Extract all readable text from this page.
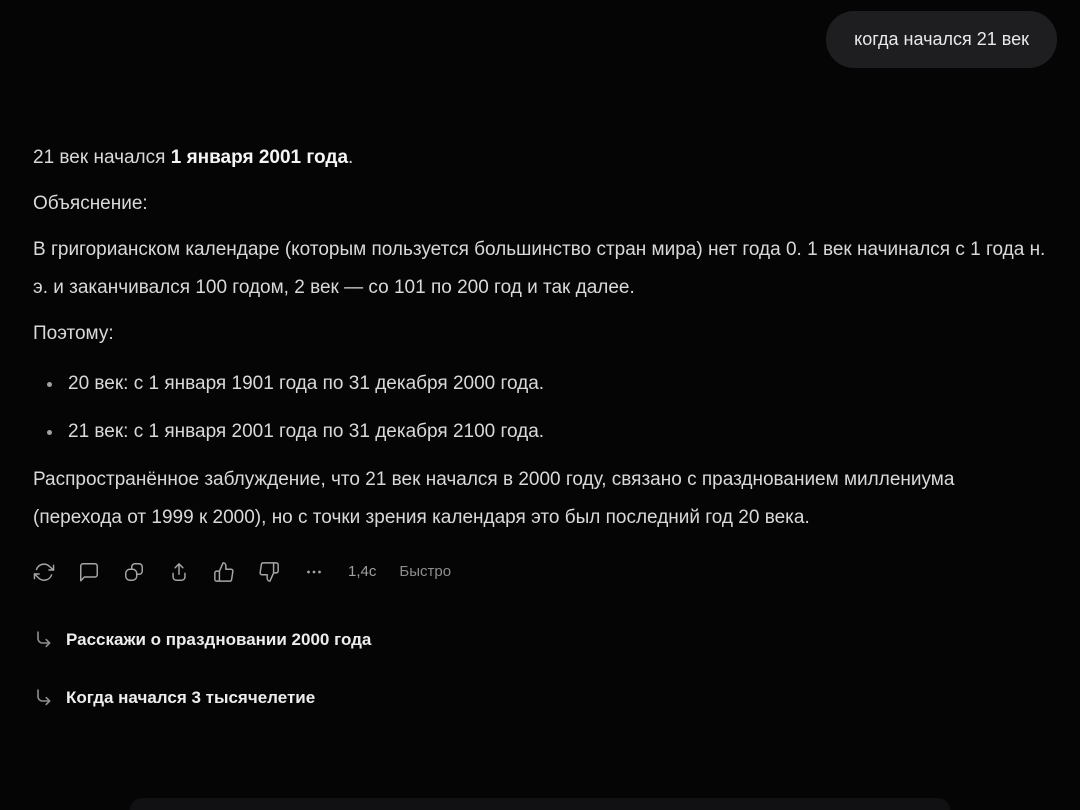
когда начался 21 век

21 век начался 1 января 2001 года.

Объяснение:

В григорианском календаре (которым пользуется большинство стран мира) нет года 0. 1 век начинался с 1 года н. э. и заканчивался 100 годом, 2 век — со 101 по 200 год и так далее.

Поэтому:

20 век: с 1 января 1901 года по 31 декабря 2000 года.
21 век: с 1 января 2001 года по 31 декабря 2100 года.

Распространённое заблуждение, что 21 век начался в 2000 году, связано с празднованием миллениума (перехода от 1999 к 2000), но с точки зрения календаря это был последний год 20 века.

1,4с Быстро
Расскажи о праздновании 2000 года
Когда начался 3 тысячелетие
